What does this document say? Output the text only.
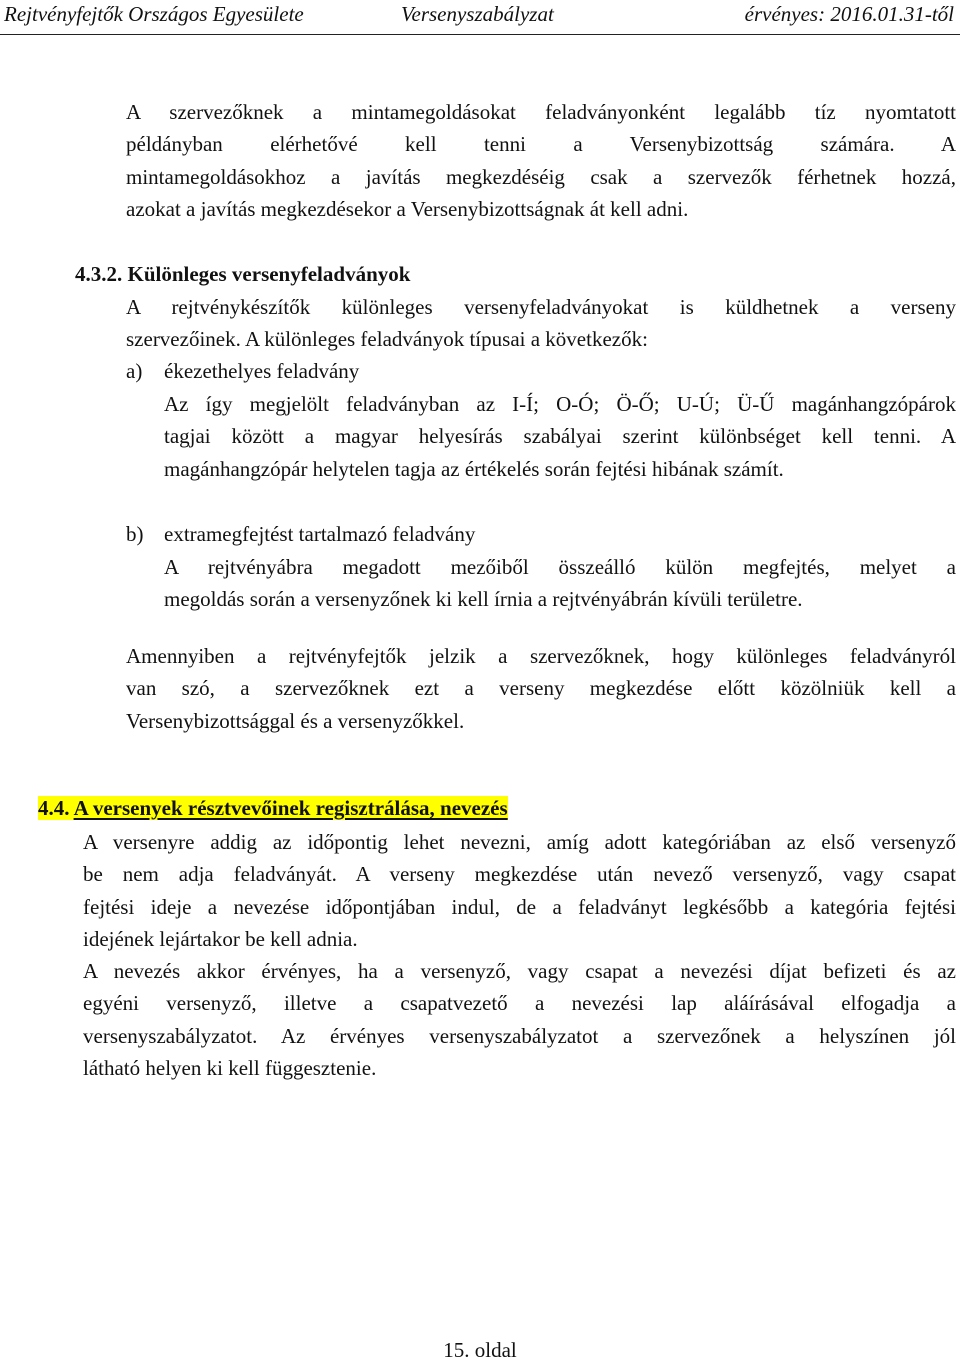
Rejtvényfejtők Országos Egyesülete	Versenyszabályzat	érvényes: 2016.01.31-től
A szervezőknek a mintamegoldásokat feladványonként legalább tíz nyomtatott
példányban elérhetővé kell tenni a Versenybizottság számára. A
mintamegoldásokhoz a javítás megkezdéséig csak a szervezők férhetnek hozzá,
azokat a javítás megkezdésekor a Versenybizottságnak át kell adni.
4.3.2. Különleges versenyfeladványok
A rejtvénykészítők különleges versenyfeladványokat is küldhetnek a verseny
szervezőinek. A különleges feladványok típusai a következők:
a) ékezethelyes feladvány
Az így megjelölt feladványban az I-Í; O-Ó; Ö-Ő; U-Ú; Ü-Ű magánhangzópárok
tagjai között a magyar helyesírás szabályai szerint különbséget kell tenni. A
magánhangzópár helytelen tagja az értékelés során fejtési hibának számít.
b) extramegfejtést tartalmazó feladvány
A rejtvényábra megadott mezőiből összeálló külön megfejtés, melyet a
megoldás során a versenyzőnek ki kell írnia a rejtvényábrán kívüli területre.
Amennyiben a rejtvényfejtők jelzik a szervezőknek, hogy különleges feladványról
van szó, a szervezőknek ezt a verseny megkezdése előtt közölniük kell a
Versenybizottsággal és a versenyzőkkel.
4.4. A versenyek résztvevőinek regisztrálása, nevezés
A versenyre addig az időpontig lehet nevezni, amíg adott kategóriában az első versenyző
be nem adja feladványát. A verseny megkezdése után nevező versenyző, vagy csapat
fejtési ideje a nevezése időpontjában indul, de a feladványt legkésőbb a kategória fejtési
idejének lejártakor be kell adnia.
A nevezés akkor érvényes, ha a versenyző, vagy csapat a nevezési díjat befizeti és az
egyéni versenyző, illetve a csapatvezető a nevezési lap aláírásával elfogadja a
versenyszabályzatot. Az érvényes versenyszabályzatot a szervezőnek a helyszínen jól
látható helyen ki kell függesztenie.
15. oldal
